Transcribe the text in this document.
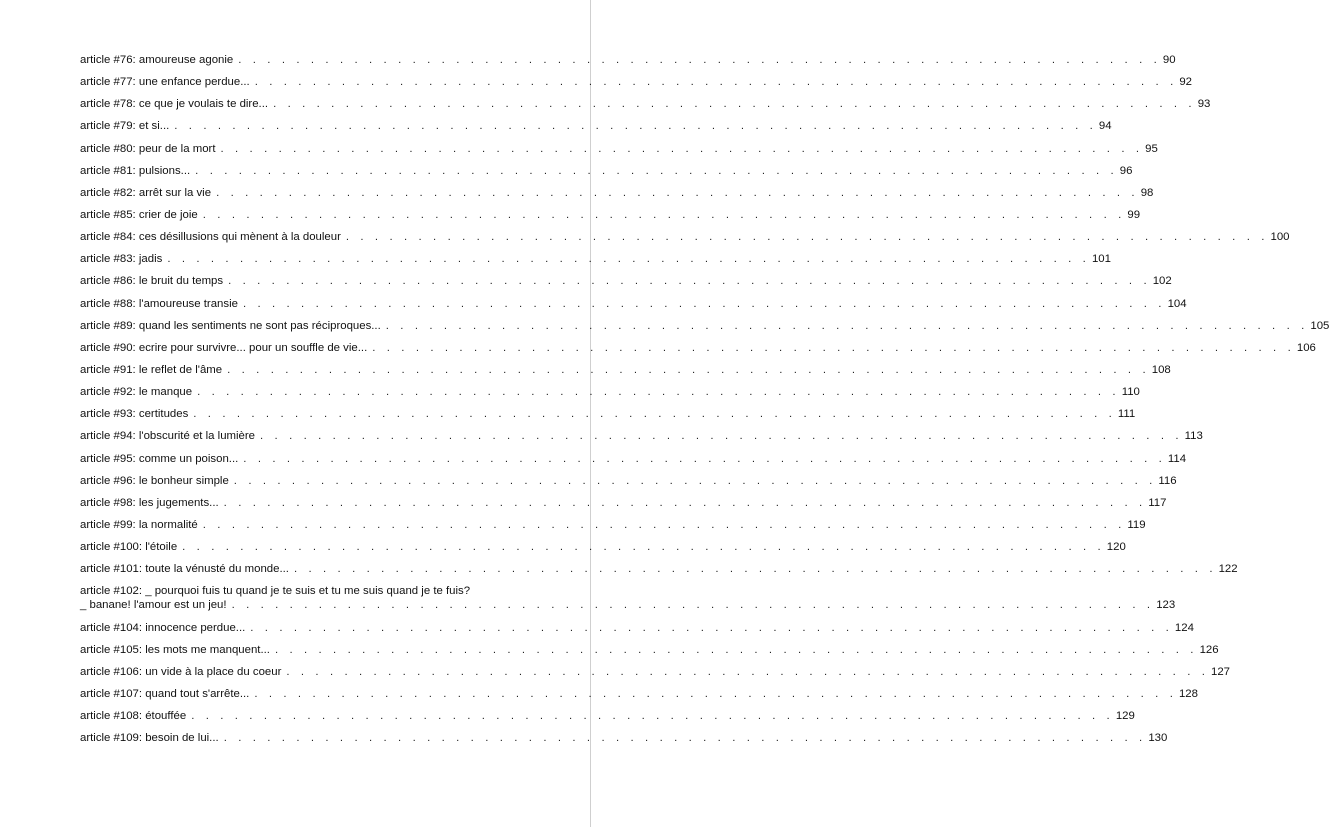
article #76: amoureuse agonie . . . . . . . . . . . . . . . . . . . . . . . . . . . . . . . . . . . . . . . . . . . . . . . . . . . . . . . . . . . . . . . . 90
article #77: une enfance perdue... . . . . . . . . . . . . . . . . . . . . . . . . . . . . . . . . . . . . . . . . . . . . . . . . . . . . . . . . . . . . . . . . 92
article #78: ce que je voulais te dire... . . . . . . . . . . . . . . . . . . . . . . . . . . . . . . . . . . . . . . . . . . . . . . . . . . . . . . . . . . . . . . . . 93
article #79: et si... . . . . . . . . . . . . . . . . . . . . . . . . . . . . . . . . . . . . . . . . . . . . . . . . . . . . . . . . . . . . . . . . 94
article #80: peur de la mort . . . . . . . . . . . . . . . . . . . . . . . . . . . . . . . . . . . . . . . . . . . . . . . . . . . . . . . . . . . . . . . . 95
article #81: pulsions... . . . . . . . . . . . . . . . . . . . . . . . . . . . . . . . . . . . . . . . . . . . . . . . . . . . . . . . . . . . . . . . . 96
article #82: arrêt sur la vie . . . . . . . . . . . . . . . . . . . . . . . . . . . . . . . . . . . . . . . . . . . . . . . . . . . . . . . . . . . . . . . . 98
article #85: crier de joie . . . . . . . . . . . . . . . . . . . . . . . . . . . . . . . . . . . . . . . . . . . . . . . . . . . . . . . . . . . . . . . . 99
article #84: ces désillusions qui mènent à la douleur . . . . . . . . . . . . . . . . . . . . . . . . . . . . . . . . . . . . . . . . . . . . . . . . . . . . . . . . . . . . . . . . 100
article #83: jadis . . . . . . . . . . . . . . . . . . . . . . . . . . . . . . . . . . . . . . . . . . . . . . . . . . . . . . . . . . . . . . . . 101
article #86: le bruit du temps . . . . . . . . . . . . . . . . . . . . . . . . . . . . . . . . . . . . . . . . . . . . . . . . . . . . . . . . . . . . . . . . 102
article #88: l'amoureuse transie . . . . . . . . . . . . . . . . . . . . . . . . . . . . . . . . . . . . . . . . . . . . . . . . . . . . . . . . . . . . . . . . 104
article #89: quand les sentiments ne sont pas réciproques... . . . . . . . . . . . . . . . . . . . . . . . . . . . . . . . . . . . . . . . . . . . . . . . . . . . . . . . . . . . . . . . . 105
article #90: ecrire pour survivre... pour un souffle de vie... . . . . . . . . . . . . . . . . . . . . . . . . . . . . . . . . . . . . . . . . . . . . . . . . . . . . . . . . . . . . . . . . 106
article #91: le reflet de l'âme . . . . . . . . . . . . . . . . . . . . . . . . . . . . . . . . . . . . . . . . . . . . . . . . . . . . . . . . . . . . . . . . 108
article #92: le manque . . . . . . . . . . . . . . . . . . . . . . . . . . . . . . . . . . . . . . . . . . . . . . . . . . . . . . . . . . . . . . . . 110
article #93: certitudes . . . . . . . . . . . . . . . . . . . . . . . . . . . . . . . . . . . . . . . . . . . . . . . . . . . . . . . . . . . . . . . . 111
article #94: l'obscurité et la lumière . . . . . . . . . . . . . . . . . . . . . . . . . . . . . . . . . . . . . . . . . . . . . . . . . . . . . . . . . . . . . . . . 113
article #95: comme un poison... . . . . . . . . . . . . . . . . . . . . . . . . . . . . . . . . . . . . . . . . . . . . . . . . . . . . . . . . . . . . . . . . 114
article #96: le bonheur simple . . . . . . . . . . . . . . . . . . . . . . . . . . . . . . . . . . . . . . . . . . . . . . . . . . . . . . . . . . . . . . . . 116
article #98: les jugements... . . . . . . . . . . . . . . . . . . . . . . . . . . . . . . . . . . . . . . . . . . . . . . . . . . . . . . . . . . . . . . . . 117
article #99: la normalité . . . . . . . . . . . . . . . . . . . . . . . . . . . . . . . . . . . . . . . . . . . . . . . . . . . . . . . . . . . . . . . . 119
article #100: l'étoile . . . . . . . . . . . . . . . . . . . . . . . . . . . . . . . . . . . . . . . . . . . . . . . . . . . . . . . . . . . . . . . . 120
article #101: toute la vénusté du monde... . . . . . . . . . . . . . . . . . . . . . . . . . . . . . . . . . . . . . . . . . . . . . . . . . . . . . . . . . . . . . . . . 122
article #102: _ pourquoi fuis tu quand je te suis et tu me suis quand je te fuis?
_ banane! l'amour est un jeu! . . . . . . . . . . . . . . . . . . . . . . . . . . . . . . . . . . . . . . . . . . . . . . . . . . . . . . . . . . . . . . . . 123
article #104: innocence perdue... . . . . . . . . . . . . . . . . . . . . . . . . . . . . . . . . . . . . . . . . . . . . . . . . . . . . . . . . . . . . . . . . 124
article #105: les mots me manquent... . . . . . . . . . . . . . . . . . . . . . . . . . . . . . . . . . . . . . . . . . . . . . . . . . . . . . . . . . . . . . . . . 126
article #106: un vide à la place du coeur . . . . . . . . . . . . . . . . . . . . . . . . . . . . . . . . . . . . . . . . . . . . . . . . . . . . . . . . . . . . . . . . 127
article #107: quand tout s'arrête... . . . . . . . . . . . . . . . . . . . . . . . . . . . . . . . . . . . . . . . . . . . . . . . . . . . . . . . . . . . . . . . . 128
article #108: étouffée . . . . . . . . . . . . . . . . . . . . . . . . . . . . . . . . . . . . . . . . . . . . . . . . . . . . . . . . . . . . . . . . 129
article #109: besoin de lui... . . . . . . . . . . . . . . . . . . . . . . . . . . . . . . . . . . . . . . . . . . . . . . . . . . . . . . . . . . . . . . . . 130
